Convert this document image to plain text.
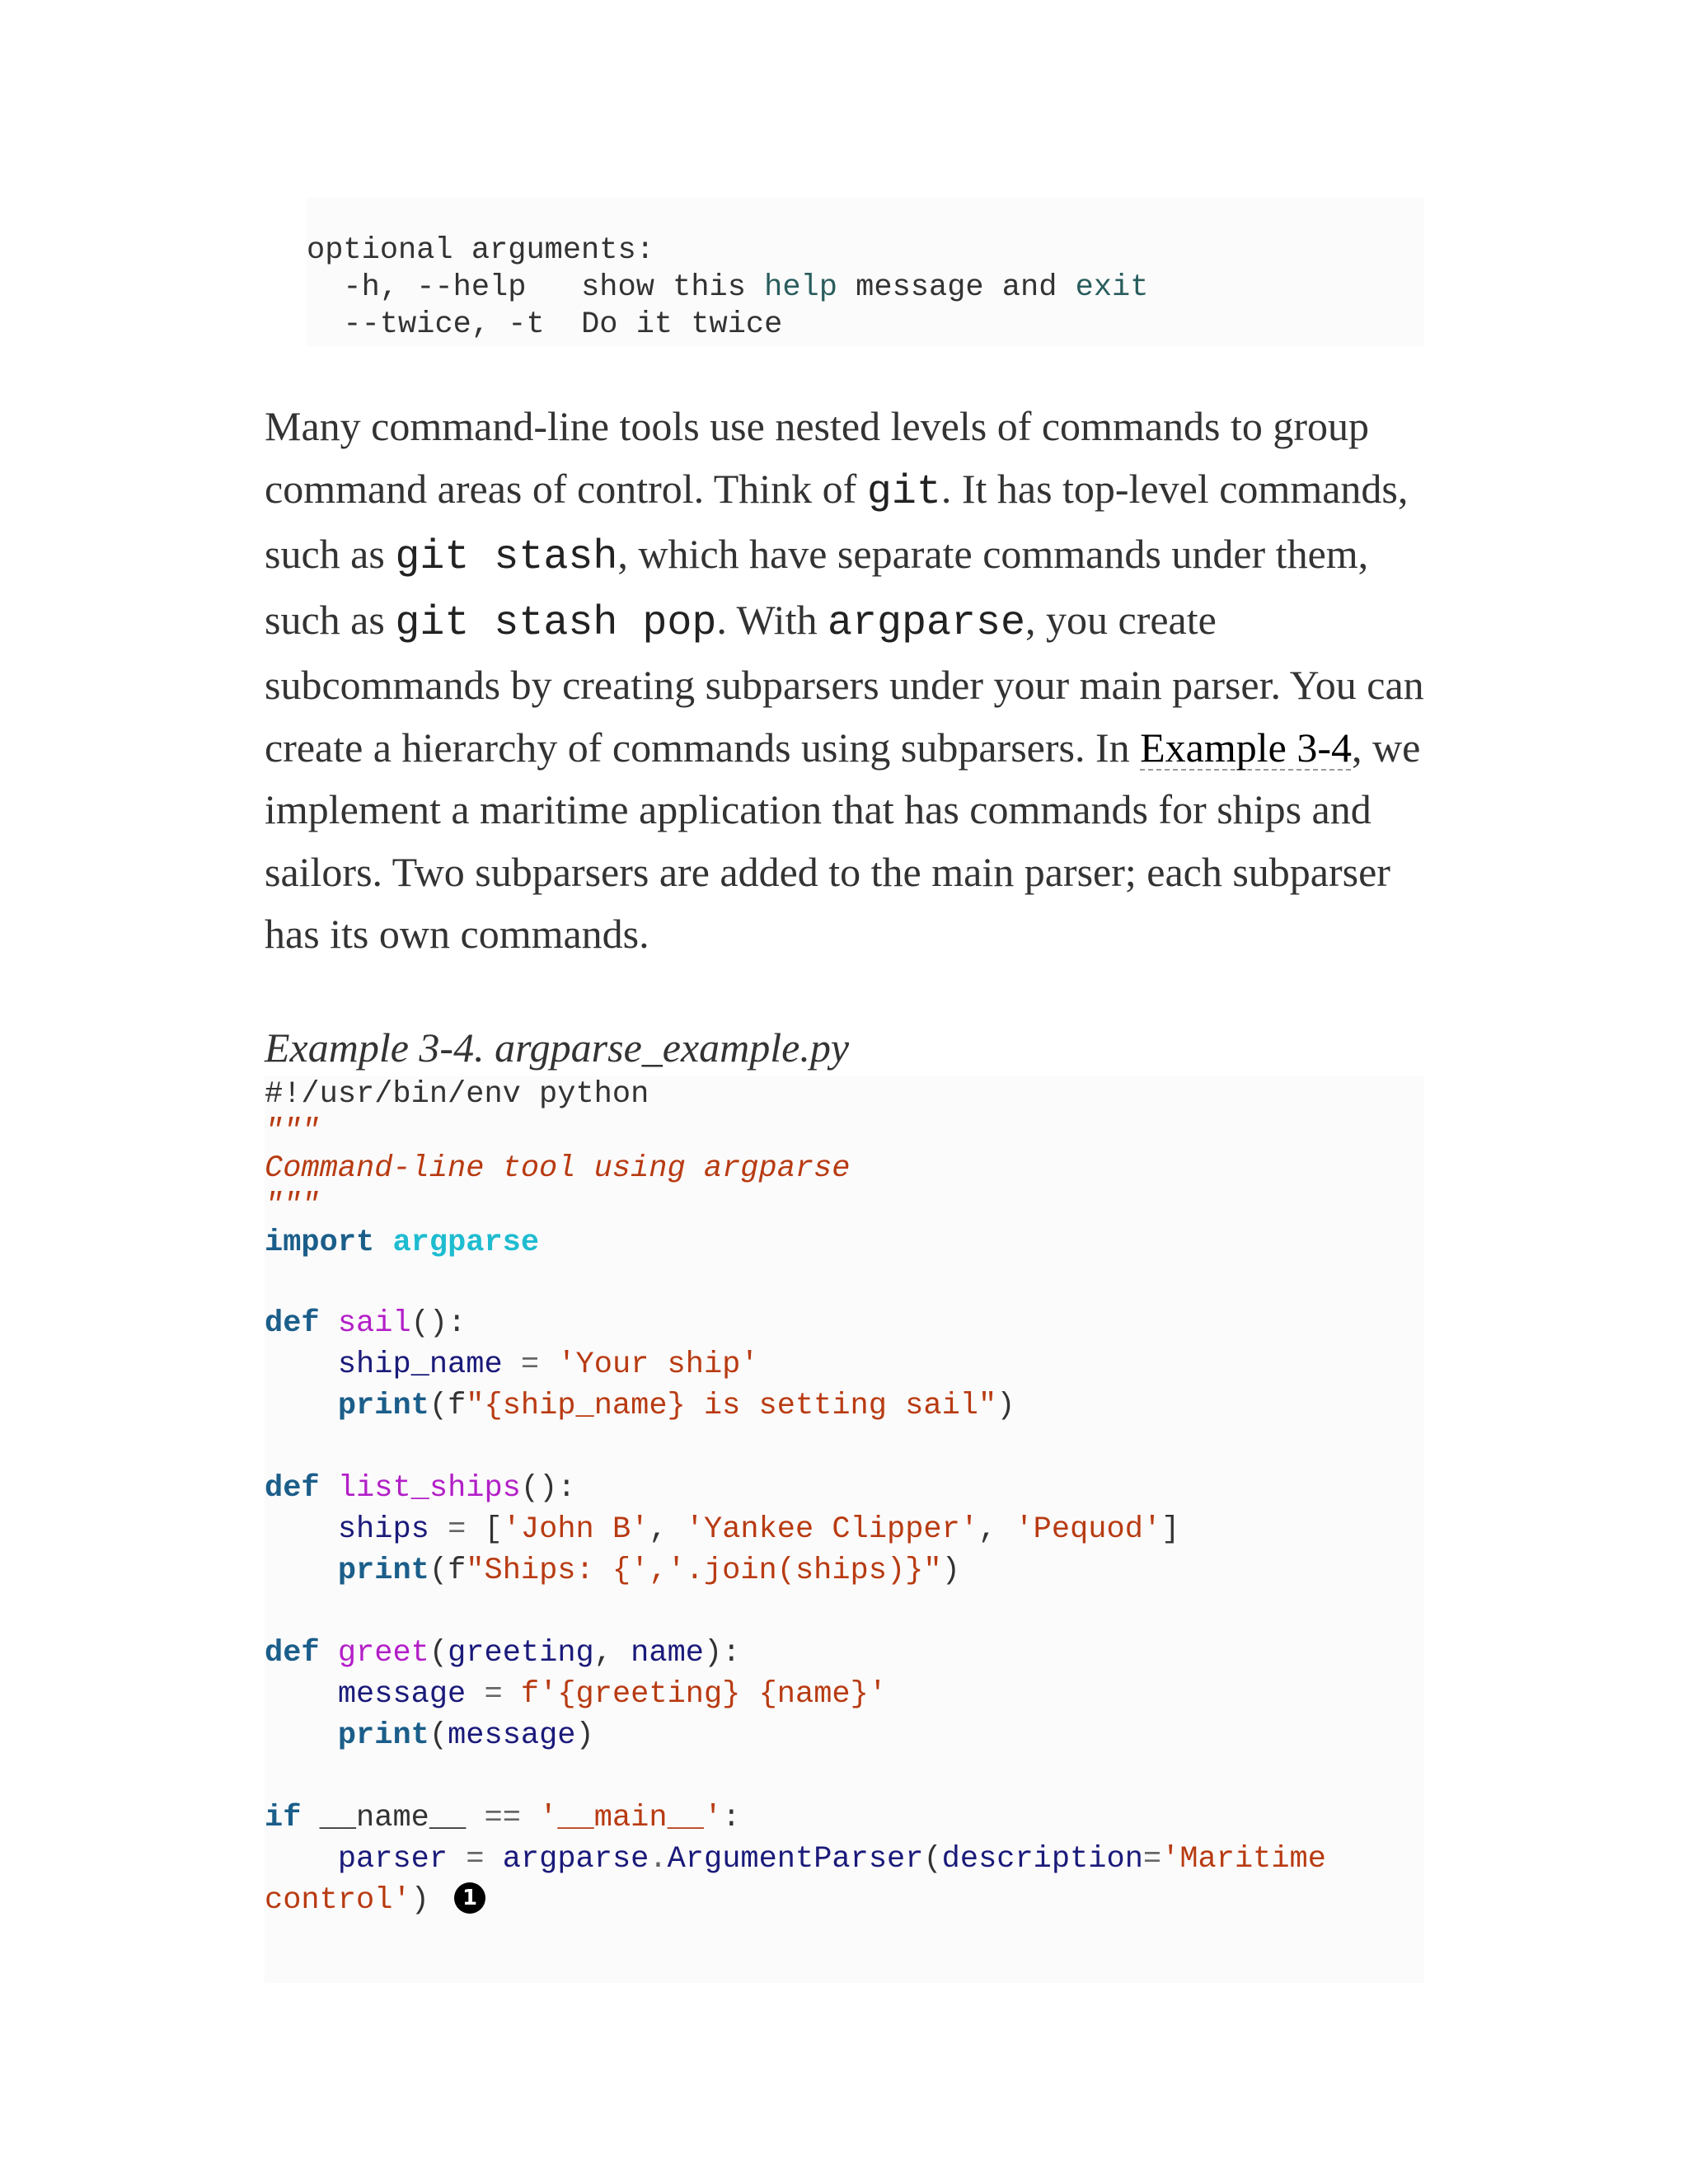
optional arguments:
-h, --help show this help message and exit
--twice, -t Do it twice

Many command-line tools use nested levels of commands to group command areas of control. Think of git. It has top-level commands, such as git stash, which have separate commands under them, such as git stash pop. With argparse, you create subcommands by creating subparsers under your main parser. You can create a hierarchy of commands using subparsers. In Example 3-4, we implement a maritime application that has commands for ships and sailors. Two subparsers are added to the main parser; each subparser has its own commands.

Example 3-4. argparse_example.py
#!/usr/bin/env python
"""
Command-line tool using argparse
"""
import argparse
def sail():
ship_name = 'Your ship'
print(f"{ship_name} is setting sail")
def list_ships():
ships = ['John B', 'Yankee Clipper', 'Pequod']
print(f"Ships: {','.join(ships)}")
def greet(greeting, name):
message = f'{greeting} {name}'
print(message)
if __name__ == '__main__':
parser = argparse.ArgumentParser(description='Maritime
control') 1
